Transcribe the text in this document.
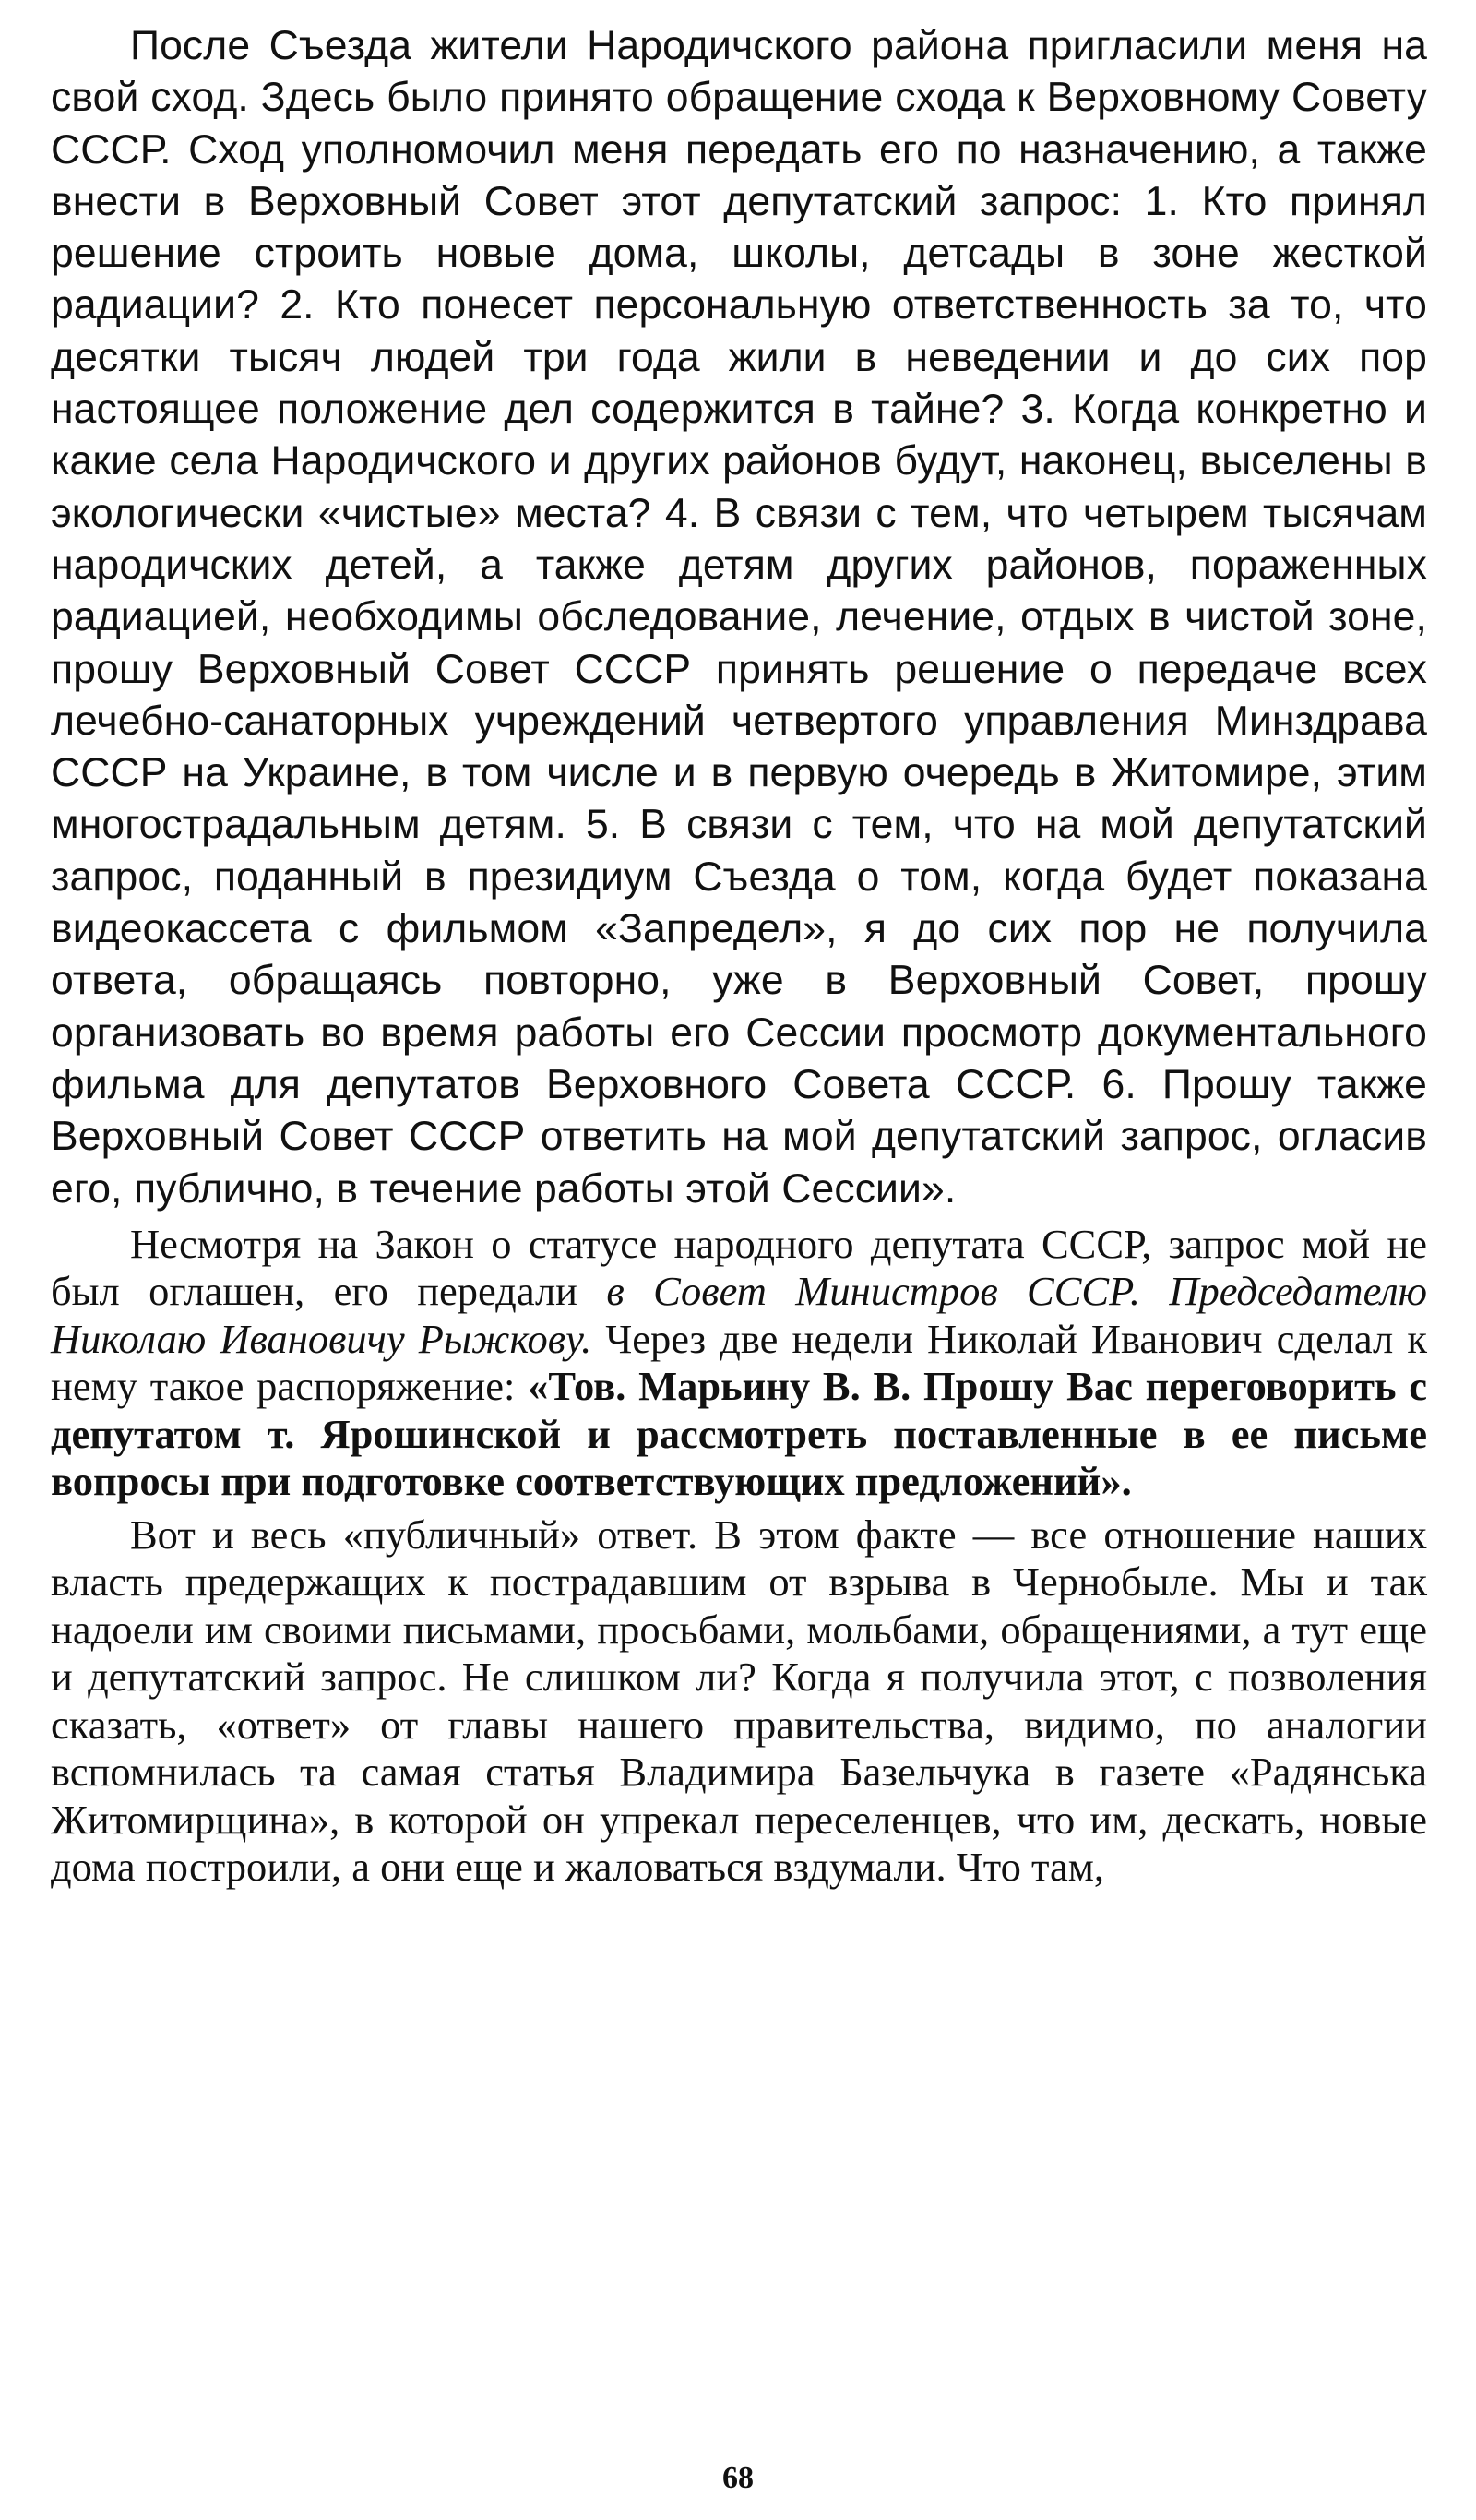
После Съезда жители Народичского района пригласили меня на свой сход. Здесь было принято обращение схода к Верховному Совету СССР. Сход уполномочил меня передать его по назначению, а также внести в Верховный Совет этот депутатский запрос: 1. Кто принял решение строить новые дома, школы, детсады в зоне жесткой радиации? 2. Кто понесет персональную ответственность за то, что десятки тысяч людей три года жили в неведении и до сих пор настоящее положение дел содержится в тайне? 3. Когда конкретно и какие села Народичского и других районов будут, наконец, выселены в экологически «чистые» места? 4. В связи с тем, что четырем тысячам народичских детей, а также детям других районов, пораженных радиацией, необходимы обследование, лечение, отдых в чистой зоне, прошу Верховный Совет СССР принять решение о передаче всех лечебно-санаторных учреждений четвертого управления Минздрава СССР на Украине, в том числе и в первую очередь в Житомире, этим многострадальным детям. 5. В связи с тем, что на мой депутатский запрос, поданный в президиум Съезда о том, когда будет показана видеокассета с фильмом «Запредел», я до сих пор не получила ответа, обращаясь повторно, уже в Верховный Совет, прошу организовать во время работы его Сессии просмотр документального фильма для депутатов Верховного Совета СССР. 6. Прошу также Верховный Совет СССР ответить на мой депутатский запрос, огласив его, публично, в течение работы этой Сессии».

Несмотря на Закон о статусе народного депутата СССР, запрос мой не был оглашен, его передали в Совет Министров СССР. Председателю Николаю Ивановичу Рыжкову. Через две недели Николай Иванович сделал к нему такое распоряжение: «Тов. Марьину В. В. Прошу Вас переговорить с депутатом т. Ярошинской и рассмотреть поставленные в ее письме вопросы при подготовке соответствующих предложений».

Вот и весь «публичный» ответ. В этом факте — все отношение наших власть предержащих к пострадавшим от взрыва в Чернобыле. Мы и так надоели им своими письмами, просьбами, мольбами, обращениями, а тут еще и депутатский запрос. Не слишком ли? Когда я получила этот, с позволения сказать, «ответ» от главы нашего правительства, видимо, по аналогии вспомнилась та самая статья Владимира Базельчука в газете «Радянська Житомирщина», в которой он упрекал переселенцев, что им, дескать, новые дома построили, а они еще и жаловаться вздумали. Что там,

68
